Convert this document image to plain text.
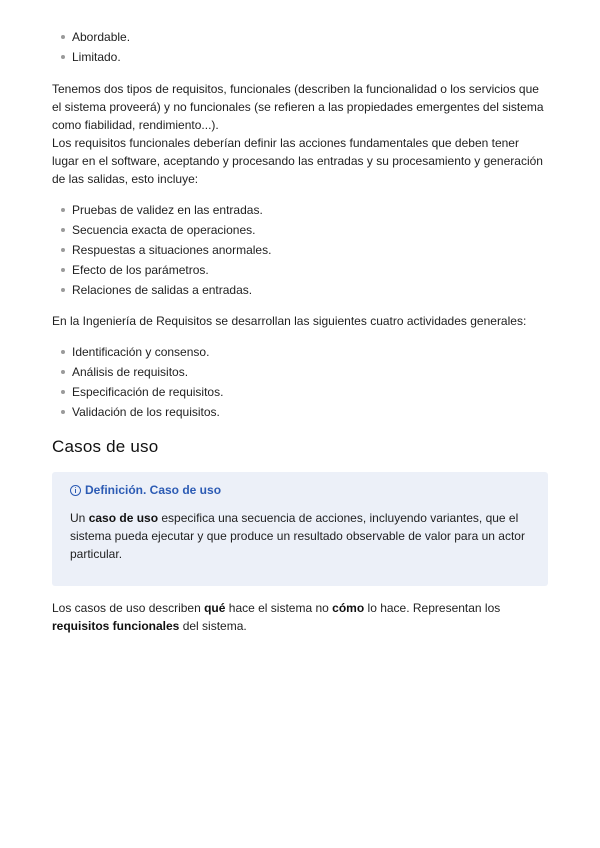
Abordable.
Limitado.

Tenemos dos tipos de requisitos, funcionales (describen la funcionalidad o los servicios que el sistema proveerá) y no funcionales (se refieren a las propiedades emergentes del sistema como fiabilidad, rendimiento...).
Los requisitos funcionales deberían definir las acciones fundamentales que deben tener lugar en el software, aceptando y procesando las entradas y su procesamiento y generación de las salidas, esto incluye:

Pruebas de validez en las entradas.
Secuencia exacta de operaciones.
Respuestas a situaciones anormales.
Efecto de los parámetros.
Relaciones de salidas a entradas.

En la Ingeniería de Requisitos se desarrollan las siguientes cuatro actividades generales:

Identificación y consenso.
Análisis de requisitos.
Especificación de requisitos.
Validación de los requisitos.
Casos de uso
Definición. Caso de uso

Un caso de uso especifica una secuencia de acciones, incluyendo variantes, que el sistema pueda ejecutar y que produce un resultado observable de valor para un actor particular.

Los casos de uso describen qué hace el sistema no cómo lo hace. Representan los requisitos funcionales del sistema.
